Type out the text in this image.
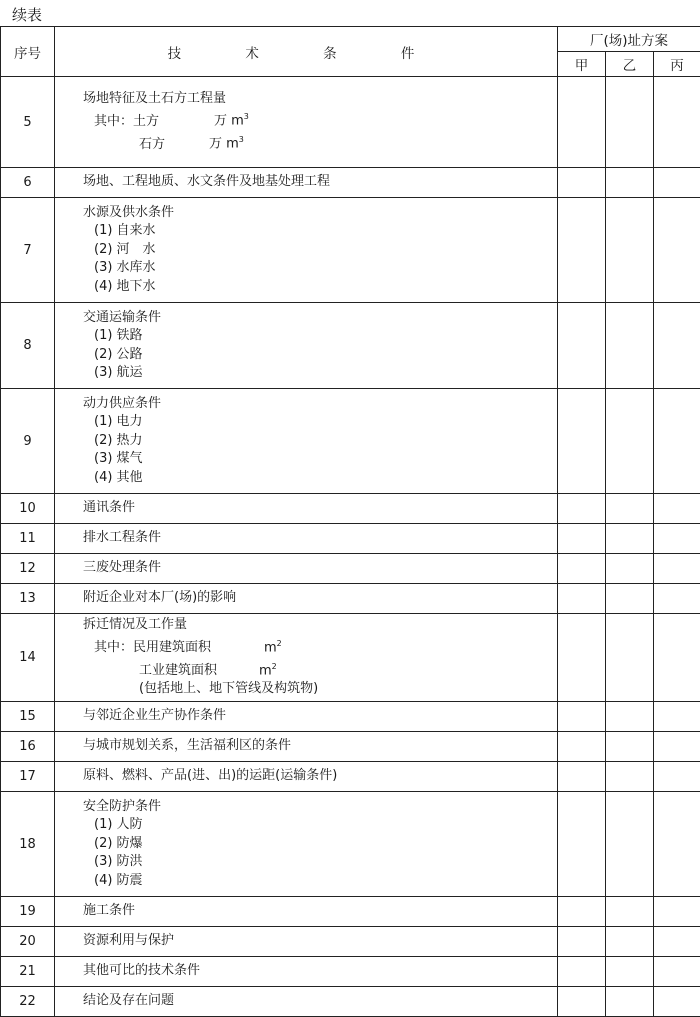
续表
序号	技 术 条 件	厂(场)址方案		
		甲	乙	丙
5	场地特征及土石方工程量
其中：土方 万 $m^3$
石方 万 $m^3$

6	场地、工程地质、水文条件及地基处理工程			
7	水源及供水条件
(1) 自来水
(2) 河　水
(3) 水库水
(4) 地下水			

8	交通运输条件
(1) 铁路
(2) 公路
(3) 航运			

9	动力供应条件
(1) 电力
(2) 热力
(3) 煤气
(4) 其他			

10	通讯条件			
11	排水工程条件			
12	三废处理条件			
13	附近企业对本厂(场)的影响			
14	拆迁情况及工作量
其中：民用建筑面积 $m^2$
工业建筑面积 $m^2$
(包括地上、地下管线及构筑物)			

15	与邻近企业生产协作条件			
16	与城市规划关系，生活福利区的条件			
17	原料、燃料、产品(进、出)的运距(运输条件)			
18	安全防护条件
(1) 人防
(2) 防爆
(3) 防洪
(4) 防震			

19	施工条件			
20	资源利用与保护			
21	其他可比的技术条件			
22	结论及存在问题			
